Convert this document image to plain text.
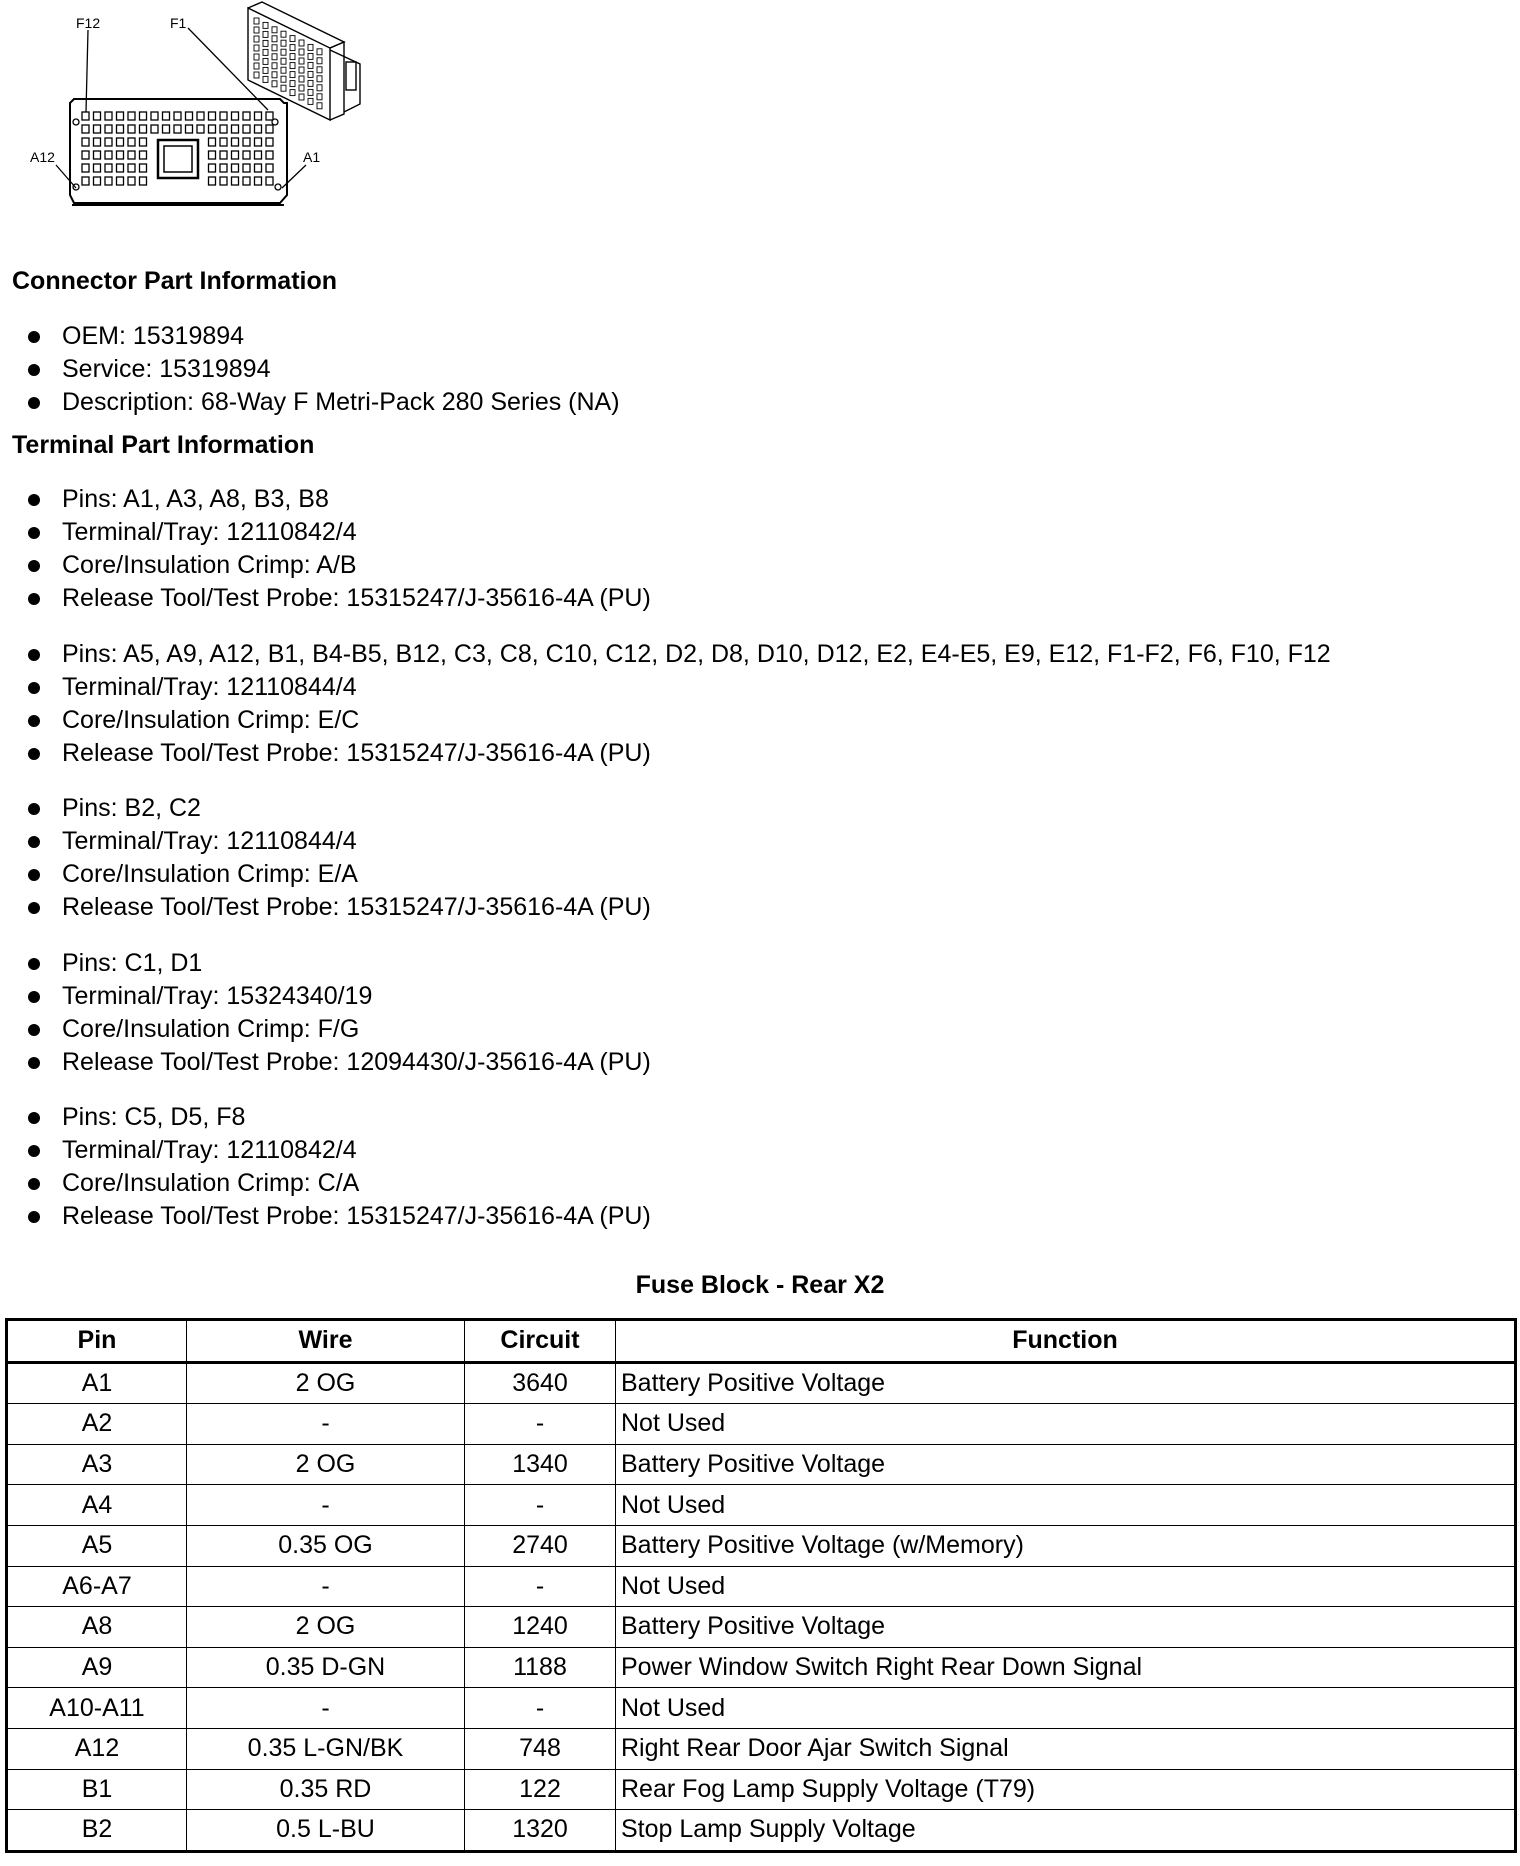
F12	F1
A12	A1
Connector Part Information
OEM: 15319894
Service: 15319894
Description: 68-Way F Metri-Pack 280 Series (NA)
Terminal Part Information
Pins: A1, A3, A8, B3, B8
Terminal/Tray: 12110842/4
Core/Insulation Crimp: A/B
Release Tool/Test Probe: 15315247/J-35616-4A (PU)
Pins: A5, A9, A12, B1, B4-B5, B12, C3, C8, C10, C12, D2, D8, D10, D12, E2, E4-E5, E9, E12, F1-F2, F6, F10, F12
Terminal/Tray: 12110844/4
Core/Insulation Crimp: E/C
Release Tool/Test Probe: 15315247/J-35616-4A (PU)
Pins: B2, C2
Terminal/Tray: 12110844/4
Core/Insulation Crimp: E/A
Release Tool/Test Probe: 15315247/J-35616-4A (PU)
Pins: C1, D1
Terminal/Tray: 15324340/19
Core/Insulation Crimp: F/G
Release Tool/Test Probe: 12094430/J-35616-4A (PU)
Pins: C5, D5, F8
Terminal/Tray: 12110842/4
Core/Insulation Crimp: C/A
Release Tool/Test Probe: 15315247/J-35616-4A (PU)
Fuse Block - Rear X2
Pin	Wire	Circuit	Function
A1	2 OG	3640	Battery Positive Voltage
A2	-	-	Not Used
A3	2 OG	1340	Battery Positive Voltage
A4	-	-	Not Used
A5	0.35 OG	2740	Battery Positive Voltage (w/Memory)
A6-A7	-	-	Not Used
A8	2 OG	1240	Battery Positive Voltage
A9	0.35 D-GN	1188	Power Window Switch Right Rear Down Signal
A10-A11	-	-	Not Used
A12	0.35 L-GN/BK	748	Right Rear Door Ajar Switch Signal
B1	0.35 RD	122	Rear Fog Lamp Supply Voltage (T79)
B2	0.5 L-BU	1320	Stop Lamp Supply Voltage
